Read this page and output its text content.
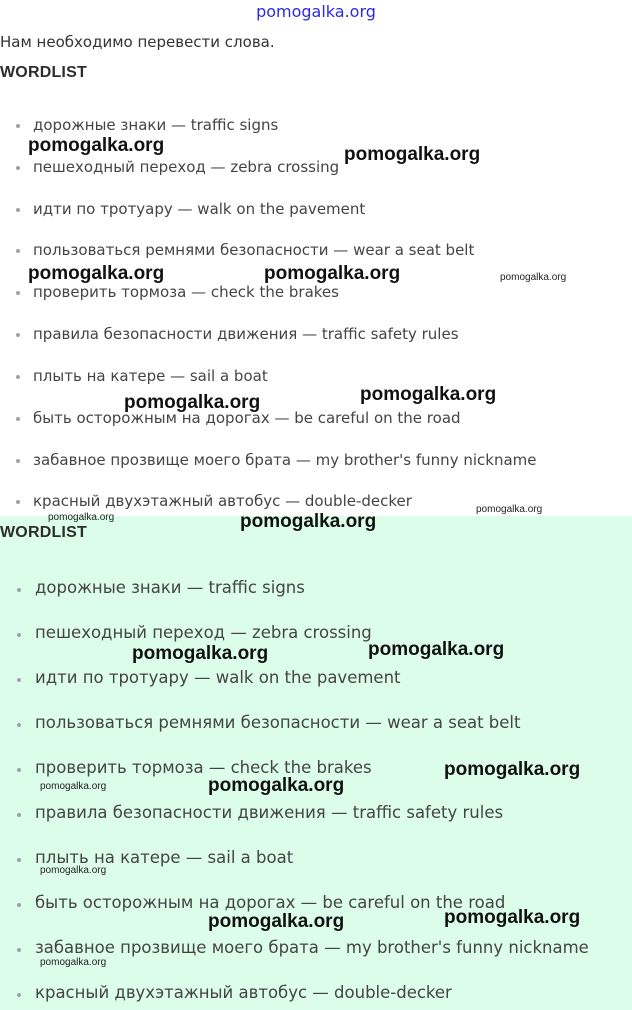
pomogalka.org
Нам необходимо перевести слова.
WORDLIST
дорожные знаки — traffic signs
пешеходный переход — zebra crossing
идти по тротуару — walk on the pavement
пользоваться ремнями безопасности — wear a seat belt
проверить тормоза — check the brakes
правила безопасности движения — traffic safety rules
плыть на катере — sail a boat
быть осторожным на дорогах — be careful on the road
забавное прозвище моего брата — my brother's funny nickname
красный двухэтажный автобус — double-decker
WORDLIST
дорожные знаки — traffic signs
пешеходный переход — zebra crossing
идти по тротуару — walk on the pavement
пользоваться ремнями безопасности — wear a seat belt
проверить тормоза — check the brakes
правила безопасности движения — traffic safety rules
плыть на катере — sail a boat
быть осторожным на дорогах — be careful on the road
забавное прозвище моего брата — my brother's funny nickname
красный двухэтажный автобус — double-decker
pomogalka.org	pomogalka.org
pomogalka.org	pomogalka.org	pomogalka.org
pomogalka.org
pomogalka.org
pomogalka.org
pomogalka.org	pomogalka.org
pomogalka.org
pomogalka.org
pomogalka.org
pomogalka.org	pomogalka.org
pomogalka.org
pomogalka.org
pomogalka.org
pomogalka.org
